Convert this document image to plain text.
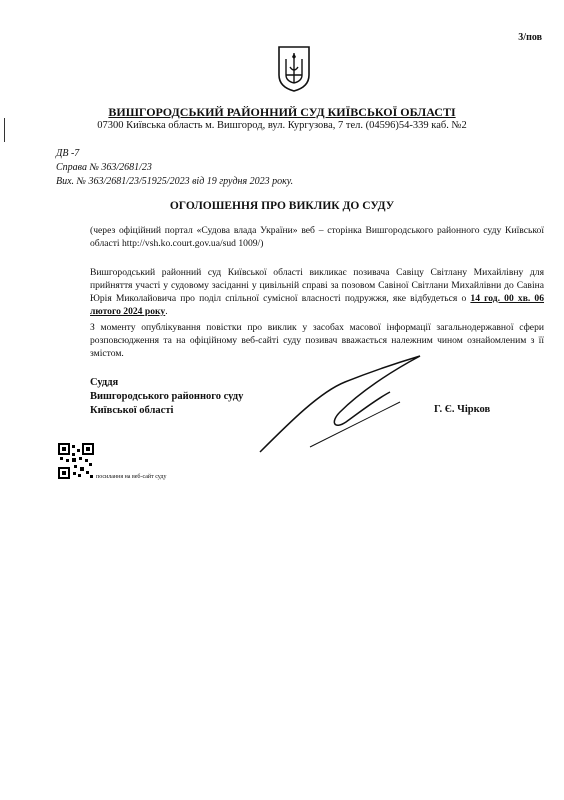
3/пов
ВИШГОРОДСЬКИЙ РАЙОННИЙ СУД КИЇВСЬКОЇ ОБЛАСТІ
07300 Київська область м. Вишгород, вул. Кургузова, 7 тел. (04596)54-339 каб. №2
ДВ -7
Справа № 363/2681/23
Вих. № 363/2681/23/51925/2023 від 19 грудня 2023 року.
ОГОЛОШЕННЯ ПРО ВИКЛИК ДО СУДУ
(через офіційний портал «Судова влада України» веб – сторінка Вишгородського районного суду Київської області http://vsh.ko.court.gov.ua/sud 1009/)
Вишгородський районний суд Київської області викликає позивача Савіцу Світлану Михайлівну для прийняття участі у судовому засіданні у цивільній справі за позовом Савіної Світлани Михайлівни до Савіна Юрія Миколайовича про поділ спільної сумісної власності подружжя, яке відбудеться о 14 год. 00 хв. 06 лютого 2024 року.
З моменту опублікування повістки про виклик у засобах масової інформації загальнодержавної сфери розповсюдження та на офіційному веб-сайті суду позивач вважається належним чином ознайомленим з її змістом.
Суддя
Вишгородського районного суду
Київської області	Г. Є. Чірков
посилання на веб-сайт суду
